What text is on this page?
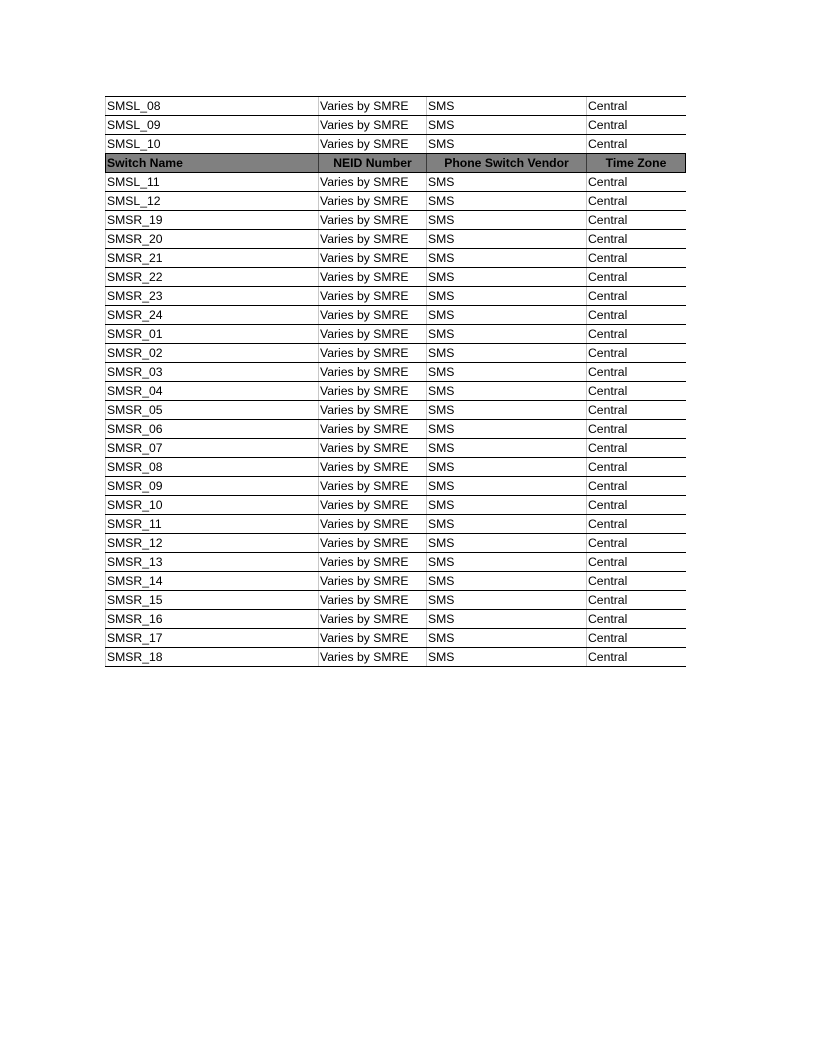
SMSL_08	Varies by SMRE	SMS	Central
SMSL_09	Varies by SMRE	SMS	Central
SMSL_10	Varies by SMRE	SMS	Central
Switch Name	NEID Number	Phone Switch Vendor	Time Zone
SMSL_11	Varies by SMRE	SMS	Central
SMSL_12	Varies by SMRE	SMS	Central
SMSR_19	Varies by SMRE	SMS	Central
SMSR_20	Varies by SMRE	SMS	Central
SMSR_21	Varies by SMRE	SMS	Central
SMSR_22	Varies by SMRE	SMS	Central
SMSR_23	Varies by SMRE	SMS	Central
SMSR_24	Varies by SMRE	SMS	Central
SMSR_01	Varies by SMRE	SMS	Central
SMSR_02	Varies by SMRE	SMS	Central
SMSR_03	Varies by SMRE	SMS	Central
SMSR_04	Varies by SMRE	SMS	Central
SMSR_05	Varies by SMRE	SMS	Central
SMSR_06	Varies by SMRE	SMS	Central
SMSR_07	Varies by SMRE	SMS	Central
SMSR_08	Varies by SMRE	SMS	Central
SMSR_09	Varies by SMRE	SMS	Central
SMSR_10	Varies by SMRE	SMS	Central
SMSR_11	Varies by SMRE	SMS	Central
SMSR_12	Varies by SMRE	SMS	Central
SMSR_13	Varies by SMRE	SMS	Central
SMSR_14	Varies by SMRE	SMS	Central
SMSR_15	Varies by SMRE	SMS	Central
SMSR_16	Varies by SMRE	SMS	Central
SMSR_17	Varies by SMRE	SMS	Central
SMSR_18	Varies by SMRE	SMS	Central
